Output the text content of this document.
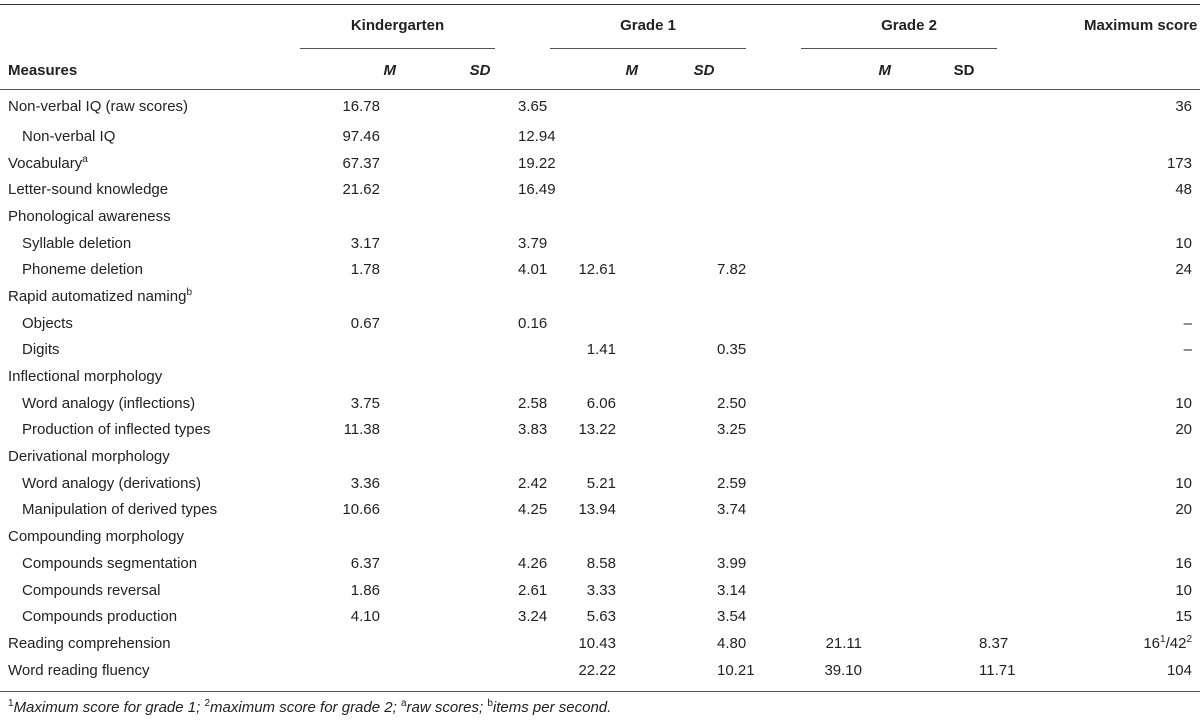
	Kindergarten		Grade 1		Grade 2		Maximum score
Measures	M	SD	M	SD	M	SD	
Non-verbal IQ (raw scores)	16.78	3.65					36
Non-verbal IQ	97.46	12.94					
Vocabulary$^a$	67.37	19.22					173
Letter-sound knowledge	21.62	16.49					48
Phonological awareness							
Syllable deletion	3.17	3.79					10
Phoneme deletion	1.78	4.01	12.61	7.82			24
Rapid automatized naming$^b$							
Objects	0.67	0.16					–
Digits			1.41	0.35			–
Inflectional morphology							
Word analogy (inflections)	3.75	2.58	6.06	2.50			10
Production of inflected types	11.38	3.83	13.22	3.25			20
Derivational morphology							
Word analogy (derivations)	3.36	2.42	5.21	2.59			10
Manipulation of derived types	10.66	4.25	13.94	3.74			20
Compounding morphology							
Compounds segmentation	6.37	4.26	8.58	3.99			16
Compounds reversal	1.86	2.61	3.33	3.14			10
Compounds production	4.10	3.24	5.63	3.54			15
Reading comprehension			10.43	4.80	21.11	8.37	$16^1/42^2$
Word reading fluency			22.22	10.21	39.10	11.71	104
$^1$Maximum score for grade 1; $^2$maximum score for grade 2; $^a$raw scores; $^b$items per second.
